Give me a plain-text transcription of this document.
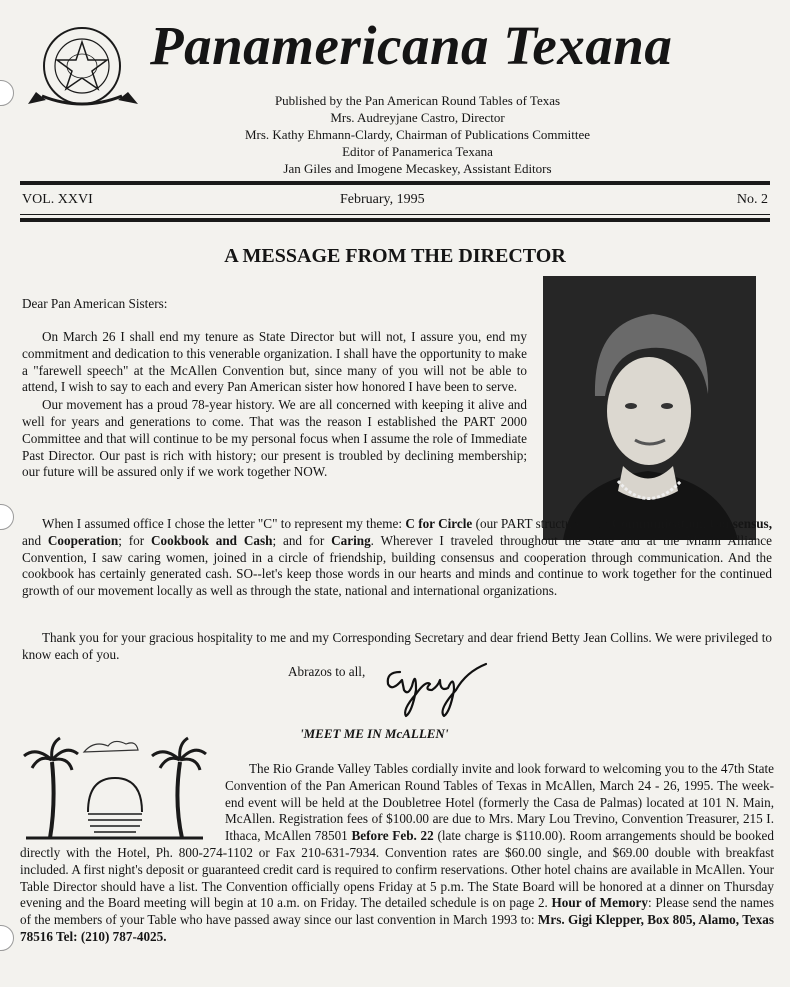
Panamericana Texana
Published by the Pan American Round Tables of Texas
Mrs. Audreyjane Castro, Director
Mrs. Kathy Ehmann-Clardy, Chairman of Publications Committee
Editor of Panamerica Texana
Jan Giles and Imogene Mecaskey, Assistant Editors
VOL. XXVI	February, 1995	No. 2
A MESSAGE FROM THE DIRECTOR
Dear Pan American Sisters:

On March 26 I shall end my tenure as State Director but will not, I assure you, end my commitment and dedication to this venerable organization. I shall have the opportunity to make a "farewell speech" at the McAllen Convention but, since many of you will not be able to attend, I wish to say to each and every Pan American sister how honored I have been to serve.

Our movement has a proud 78-year history. We are all concerned with keeping it alive and well for years and generations to come. That was the reason I established the PART 2000 Committee and that will continue to be my personal focus when I assume the role of Immediate Past Director. Our past is rich with history; our present is troubled by declining membership; our future will be assured only if we work together NOW.

When I assumed office I chose the letter "C" to represent my theme: C for Circle (our PART structure); for Communication, Consensus, and Cooperation; for Cookbook and Cash; and for Caring. Wherever I traveled throughout the State and at the Miami Alliance Convention, I saw caring women, joined in a circle of friendship, building consensus and cooperation through communication. And the cookbook has certainly generated cash. SO--let's keep those words in our hearts and minds and continue to work together for the continued growth of our movement locally as well as through the state, national and international organizations.
Thank you for your gracious hospitality to me and my Corresponding Secretary and dear friend Betty Jean Collins. We were privileged to know each of you.
Abrazos to all,
'MEET ME IN McALLEN'
The Rio Grande Valley Tables cordially invite and look forward to welcoming you to the 47th State Convention of the Pan American Round Tables of Texas in McAllen, March 24 - 26, 1995. The week-end event will be held at the Doubletree Hotel (formerly the Casa de Palmas) located at 101 N. Main, McAllen. Registration fees of $100.00 are due to Mrs. Mary Lou Trevino, Convention Treasurer, 215 I. Ithaca, McAllen 78501 Before Feb. 22 (late charge is $110.00). Room arrangements should be booked directly with the Hotel, Ph. 800-274-1102 or Fax 210-631-7934. Convention rates are $60.00 single, and $69.00 double with breakfast included. A first night's deposit or guaranteed credit card is required to confirm reservations. Other hotel chains are available in McAllen. Your Table Director should have a list. The Convention officially opens Friday at 5 p.m. The State Board will be honored at a dinner on Thursday evening and the Board meeting will begin at 10 a.m. on Friday. The detailed schedule is on page 2. Hour of Memory: Please send the names of the members of your Table who have passed away since our last convention in March 1993 to: Mrs. Gigi Klepper, Box 805, Alamo, Texas 78516 Tel: (210) 787-4025.
